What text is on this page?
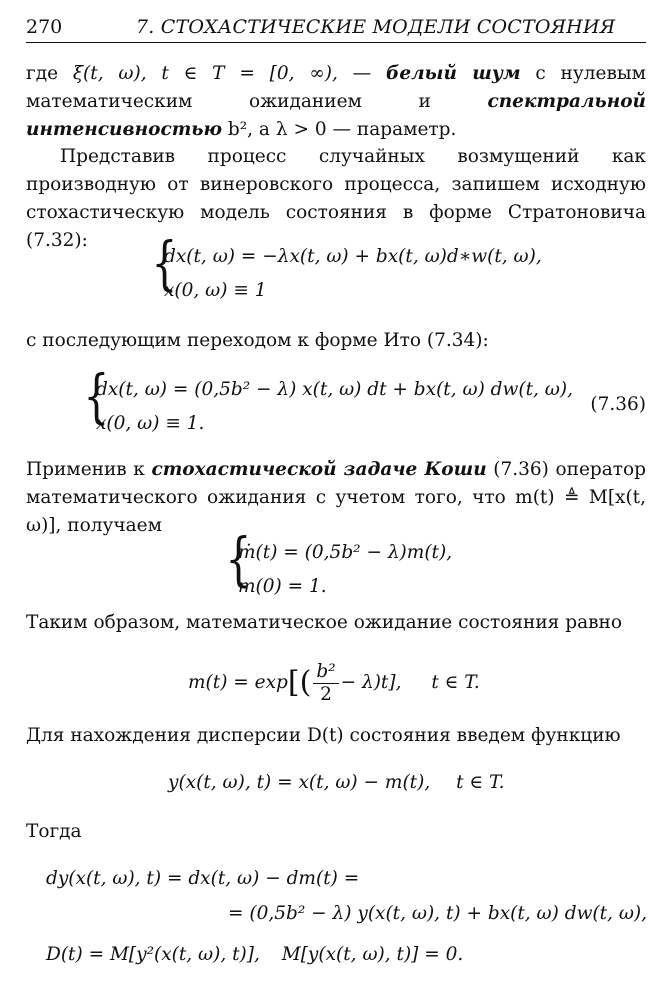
270	7. СТОХАСТИЧЕСКИЕ МОДЕЛИ СОСТОЯНИЯ

где ξ(t, ω), t ∈ T = [0, ∞), — белый шум с нулевым математическим ожиданием и спектральной интенсивностью b², а λ > 0 — параметр.

Представив процесс случайных возмущений как производную от винеровского процесса, запишем исходную стохастическую модель состояния в форме Стратоновича (7.32):	{
dx(t, ω) = −λx(t, ω) + bx(t, ω)d∗w(t, ω),
x(0, ω) ≡ 1

с последующим переходом к форме Ито (7.34):

{
dx(t, ω) = (0,5b² − λ) x(t, ω) dt + bx(t, ω) dw(t, ω),
x(0, ω) ≡ 1.
(7.36)

Применив к стохастической задаче Коши (7.36) оператор математического ожидания с учетом того, что m(t) ≜ M[x(t, ω)], получаем	{
ṁ(t) = (0,5b² − λ)m(t),
m(0) = 1.

Таким образом, математическое ожидание состояния равно

$m(t) = \exp[( \frac{\text{b²}}{2} - \lambda)t]$, t ∈ T.

Для нахождения дисперсии D(t) состояния введем функцию

y(x(t, ω), t) = x(t, ω) − m(t), t ∈ T.

Тогда

dy(x(t, ω), t) = dx(t, ω) − dm(t) =
= (0,5b² − λ) y(x(t, ω), t) + bx(t, ω) dw(t, ω),
D(t) = M[y²(x(t, ω), t)], M[y(x(t, ω), t)] = 0.
